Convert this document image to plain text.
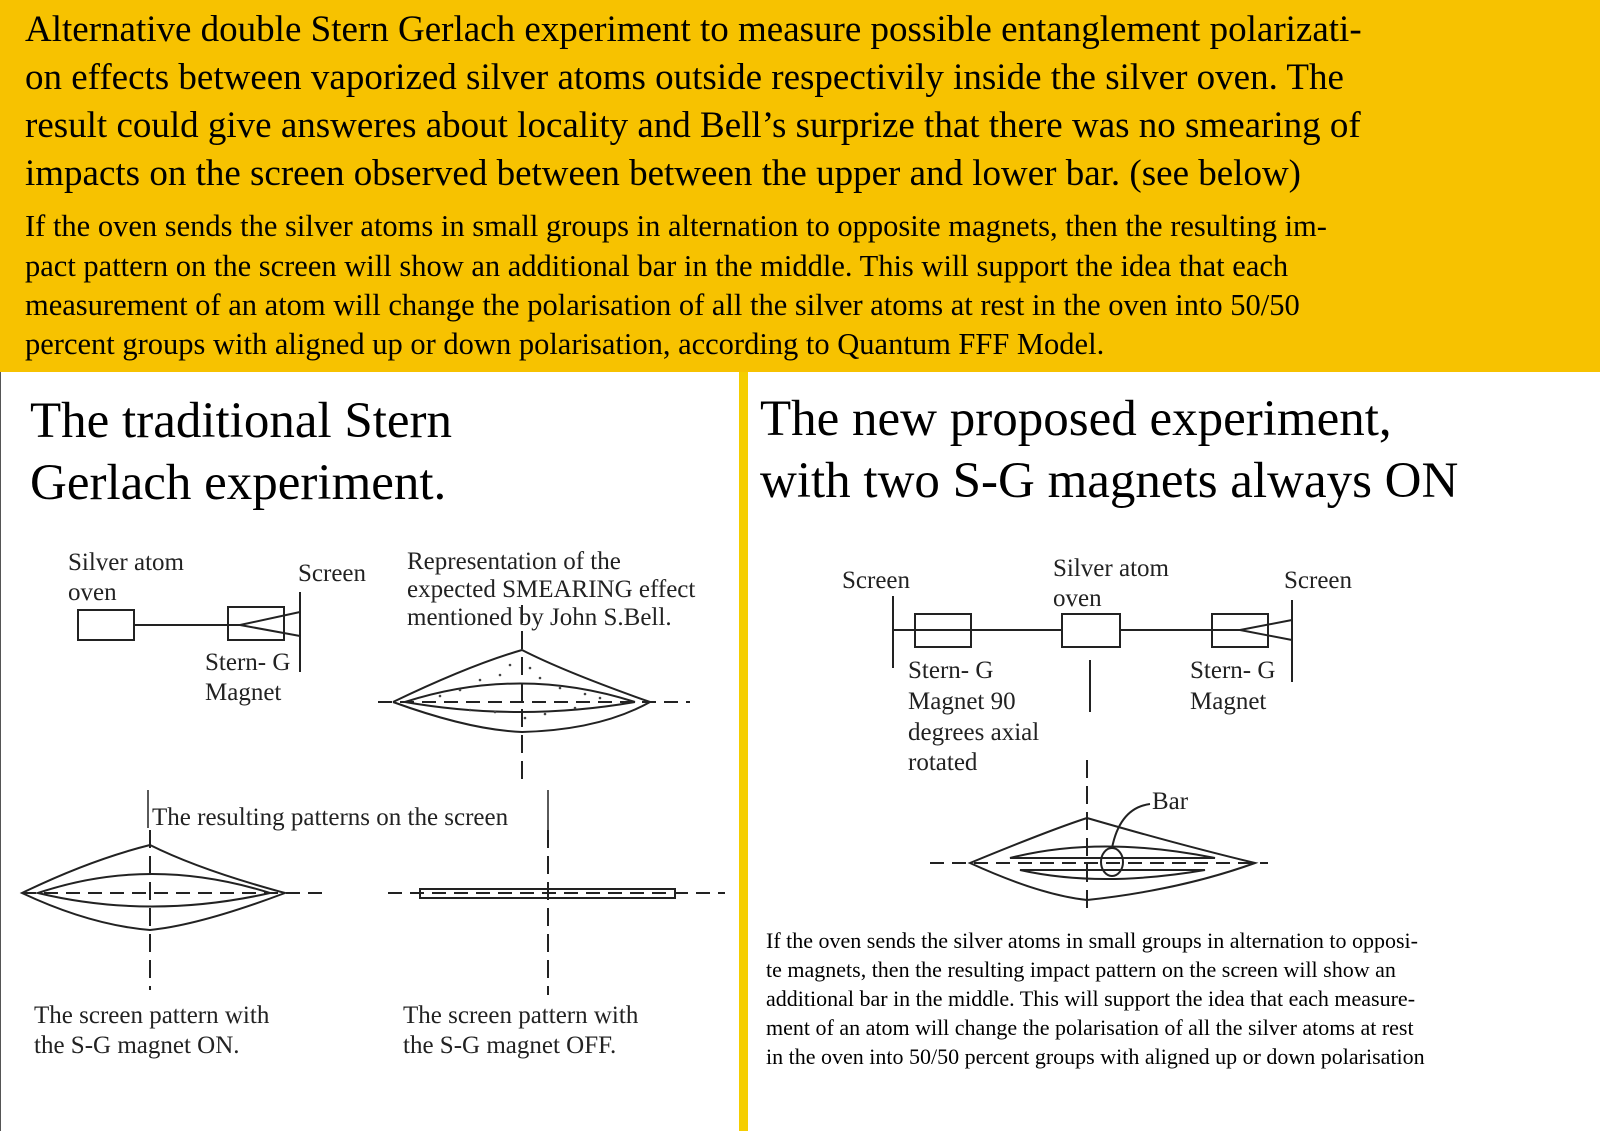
Alternative double Stern Gerlach experiment to measure possible entanglement polarizati-
on effects between vaporized silver atoms outside respectivily inside the silver oven. The
result could give answeres about locality and Bell’s surprize that there was no smearing of
impacts on the screen observed between between the upper and lower bar. (see below)
If the oven sends the silver atoms in small groups in alternation to opposite magnets, then the resulting im-
pact pattern on the screen will show an additional bar in the middle. This will support the idea that each
measurement of an atom will change the polarisation of all the silver atoms at rest in the oven into 50/50
percent groups with aligned up or down polarisation, according to Quantum FFF Model.
The traditional Stern
Gerlach experiment.
The new proposed experiment,
with two S-G magnets always ON
Silver atom
oven
Screen
Stern- G
Magnet
Representation of the
expected SMEARING effect
mentioned by John S.Bell.
The resulting patterns on the screen
The screen pattern with
the S-G magnet ON.
The screen pattern with
the S-G magnet OFF.
Screen	Screen
Silver atom
oven
Stern- G
Magnet 90
degrees axial
rotated
Stern- G
Magnet
Bar
If the oven sends the silver atoms in small groups in alternation to opposi-
te magnets, then the resulting impact pattern on the screen will show an
additional bar in the middle. This will support the idea that each measure-
ment of an atom will change the polarisation of all the silver atoms at rest
in the oven into 50/50 percent groups with aligned up or down polarisation
